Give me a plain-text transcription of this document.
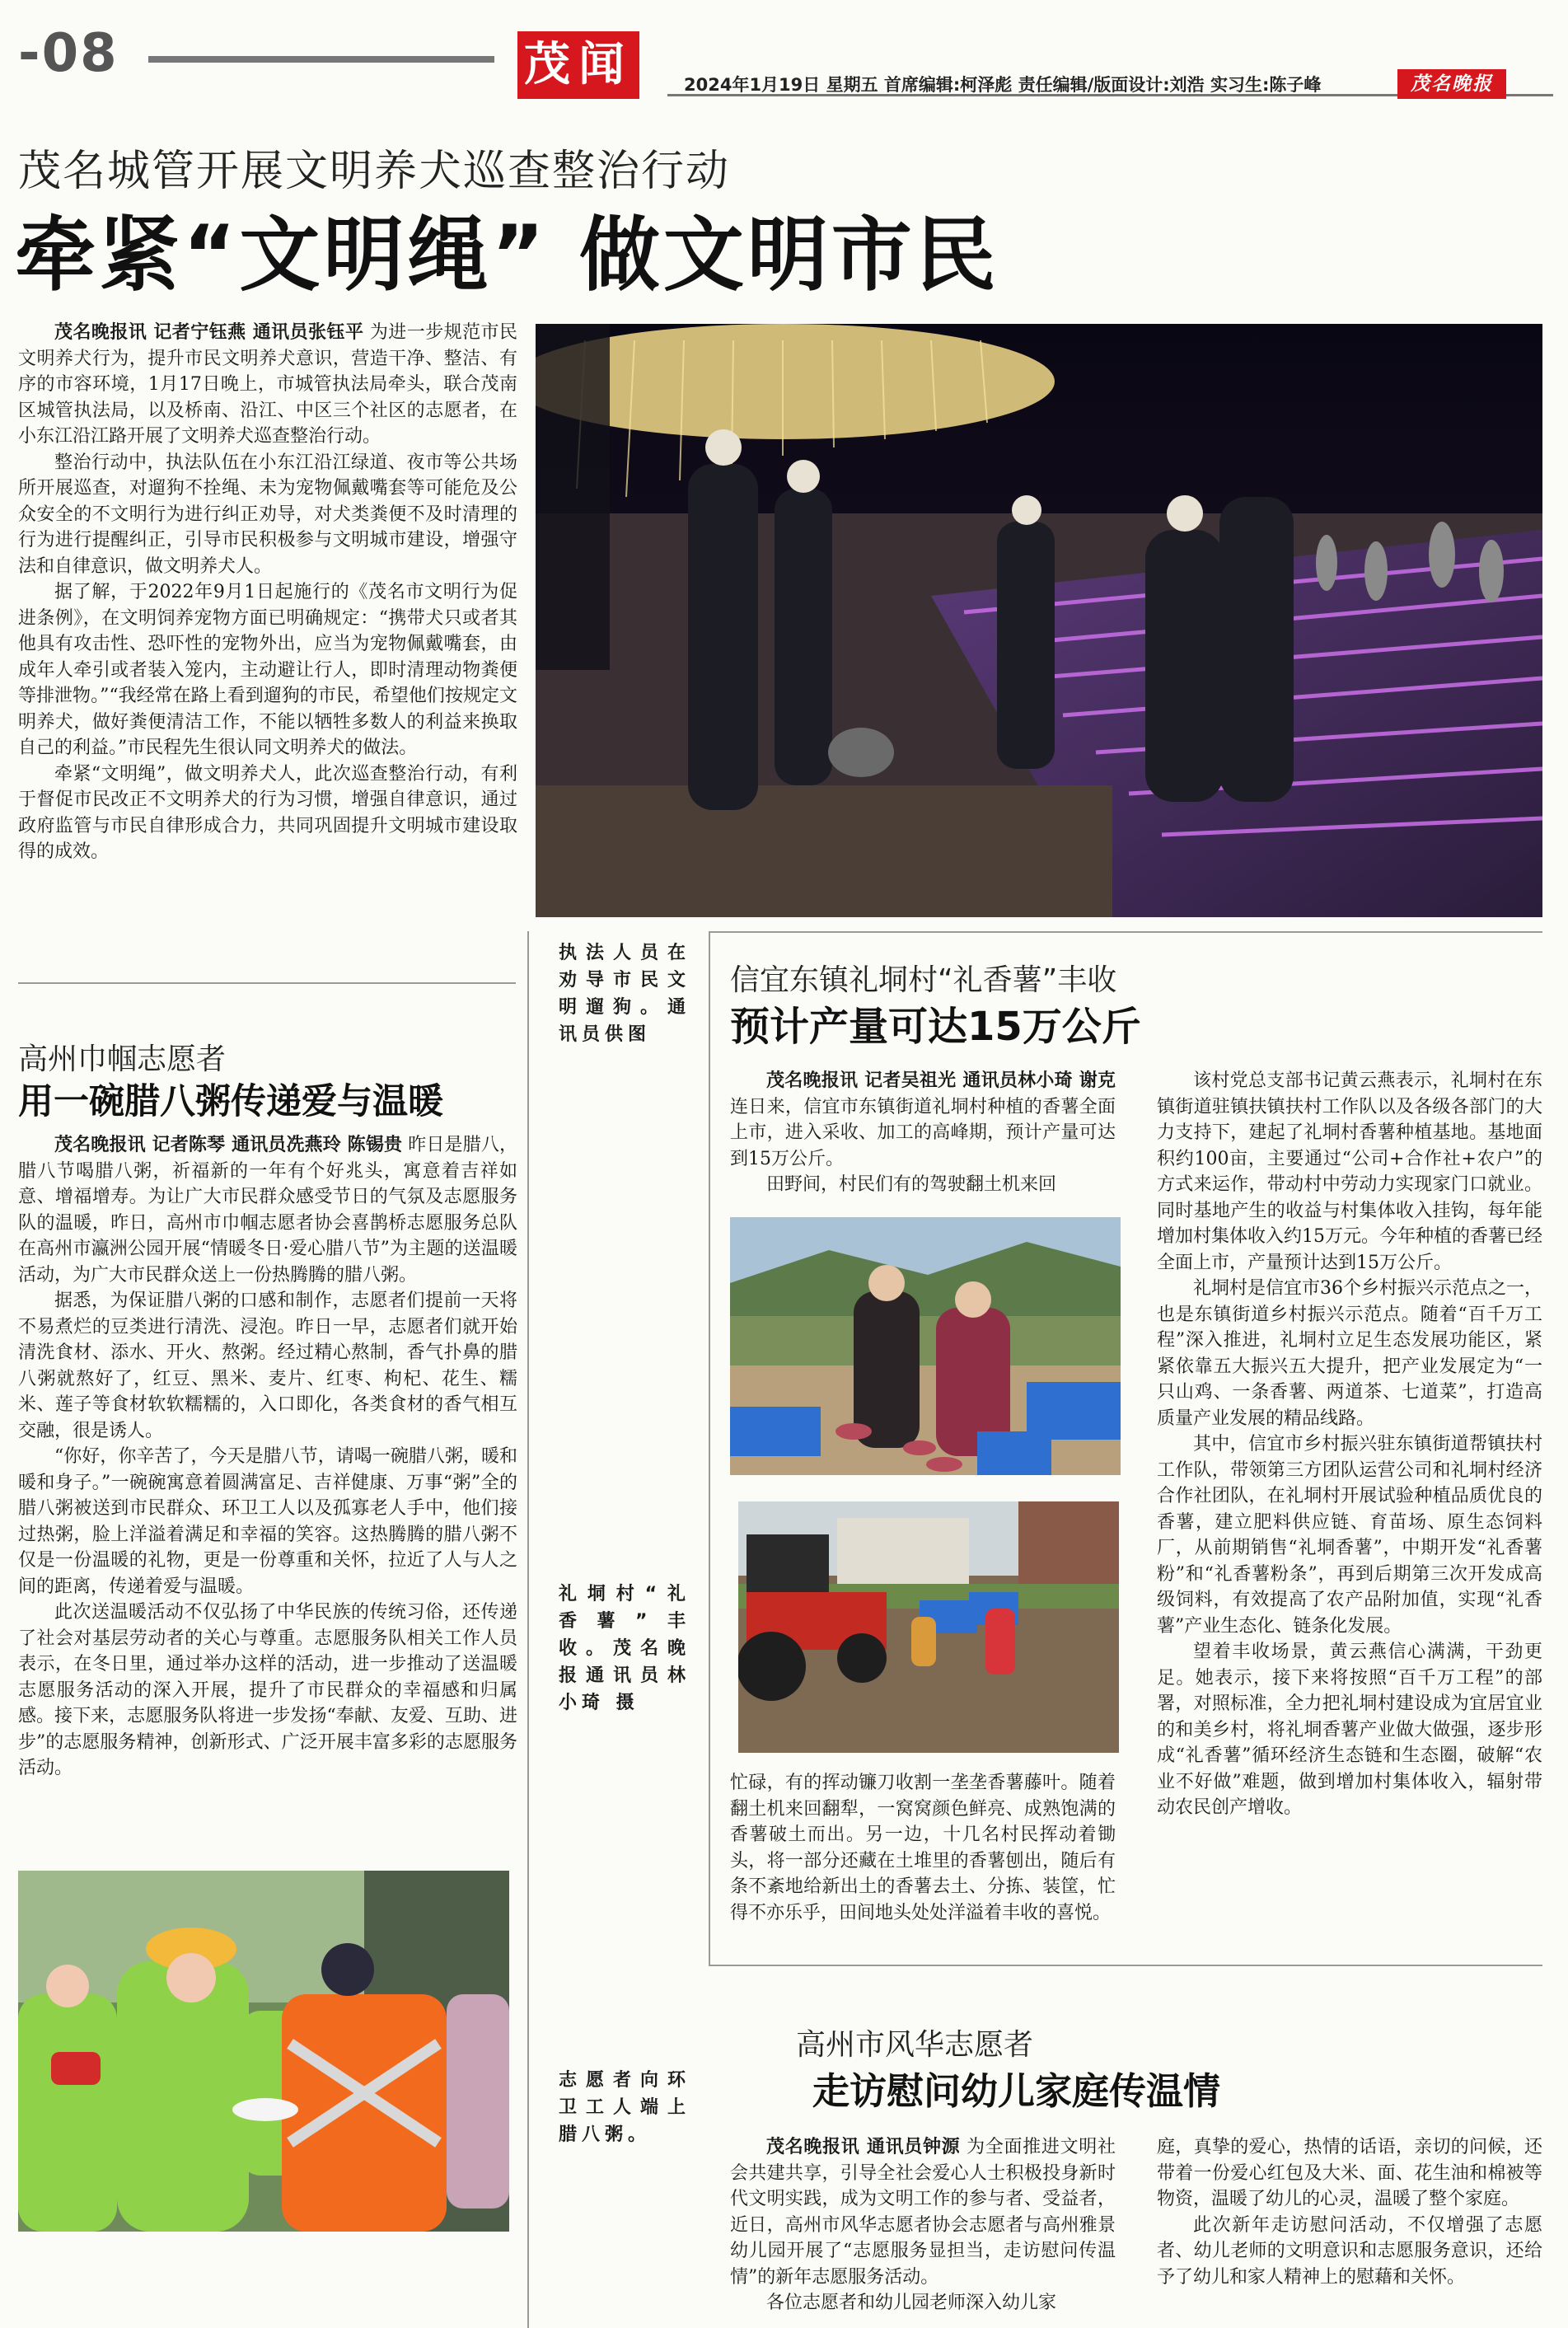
-08	茂闻	2024年1月19日 星期五 首席编辑:柯泽彪 责任编辑/版面设计:刘浩 实习生:陈子峰	茂名晚报
茂名城管开展文明养犬巡查整治行动
牵紧“文明绳” 做文明市民

茂名晚报讯 记者宁钰燕 通讯员张钰平 为进一步规范市民文明养犬行为，提升市民文明养犬意识，营造干净、整洁、有序的市容环境，1月17日晚上，市城管执法局牵头，联合茂南区城管执法局，以及桥南、沿江、中区三个社区的志愿者，在小东江沿江路开展了文明养犬巡查整治行动。

整治行动中，执法队伍在小东江沿江绿道、夜市等公共场所开展巡查，对遛狗不拴绳、未为宠物佩戴嘴套等可能危及公众安全的不文明行为进行纠正劝导，对犬类粪便不及时清理的行为进行提醒纠正，引导市民积极参与文明城市建设，增强守法和自律意识，做文明养犬人。

据了解，于2022年9月1日起施行的《茂名市文明行为促进条例》，在文明饲养宠物方面已明确规定：“携带犬只或者其他具有攻击性、恐吓性的宠物外出，应当为宠物佩戴嘴套，由成年人牵引或者装入笼内，主动避让行人，即时清理动物粪便等排泄物。”“我经常在路上看到遛狗的市民，希望他们按规定文明养犬，做好粪便清洁工作，不能以牺牲多数人的利益来换取自己的利益。”市民程先生很认同文明养犬的做法。

牵紧“文明绳”，做文明养犬人，此次巡查整治行动，有利于督促市民改正不文明养犬的行为习惯，增强自律意识，通过政府监管与市民自律形成合力，共同巩固提升文明城市建设取得的成效。

执法人员在劝导市民文明遛狗。通讯员供图
高州巾帼志愿者
用一碗腊八粥传递爱与温暖

茂名晚报讯 记者陈琴 通讯员冼燕玲 陈锡贵 昨日是腊八，腊八节喝腊八粥，祈福新的一年有个好兆头，寓意着吉祥如意、增福增寿。为让广大市民群众感受节日的气氛及志愿服务队的温暖，昨日，高州市巾帼志愿者协会喜鹊桥志愿服务总队在高州市瀛洲公园开展“情暖冬日·爱心腊八节”为主题的送温暖活动，为广大市民群众送上一份热腾腾的腊八粥。

据悉，为保证腊八粥的口感和制作，志愿者们提前一天将不易煮烂的豆类进行清洗、浸泡。昨日一早，志愿者们就开始清洗食材、添水、开火、熬粥。经过精心熬制，香气扑鼻的腊八粥就熬好了，红豆、黑米、麦片、红枣、枸杞、花生、糯米、莲子等食材软软糯糯的，入口即化，各类食材的香气相互交融，很是诱人。

“你好，你辛苦了，今天是腊八节，请喝一碗腊八粥，暖和暖和身子。”一碗碗寓意着圆满富足、吉祥健康、万事“粥”全的腊八粥被送到市民群众、环卫工人以及孤寡老人手中，他们接过热粥，脸上洋溢着满足和幸福的笑容。这热腾腾的腊八粥不仅是一份温暖的礼物，更是一份尊重和关怀，拉近了人与人之间的距离，传递着爱与温暖。

此次送温暖活动不仅弘扬了中华民族的传统习俗，还传递了社会对基层劳动者的关心与尊重。志愿服务队相关工作人员表示，在冬日里，通过举办这样的活动，进一步推动了送温暖志愿服务活动的深入开展，提升了市民群众的幸福感和归属感。接下来，志愿服务队将进一步发扬“奉献、友爱、互助、进步”的志愿服务精神，创新形式、广泛开展丰富多彩的志愿服务活动。

志愿者向环卫工人端上腊八粥。
信宜东镇礼垌村“礼香薯”丰收
预计产量可达15万公斤

茂名晚报讯 记者吴祖光 通讯员林小琦 谢克 连日来，信宜市东镇街道礼垌村种植的香薯全面上市，进入采收、加工的高峰期，预计产量可达到15万公斤。

田野间，村民们有的驾驶翻土机来回

礼垌村“礼香薯”丰收。茂名晚报通讯员林小琦 摄
忙碌，有的挥动镰刀收割一垄垄香薯藤叶。随着翻土机来回翻犁，一窝窝颜色鲜亮、成熟饱满的香薯破土而出。另一边，十几名村民挥动着锄头，将一部分还藏在土堆里的香薯刨出，随后有条不紊地给新出土的香薯去土、分拣、装筐，忙得不亦乐乎，田间地头处处洋溢着丰收的喜悦。

该村党总支部书记黄云燕表示，礼垌村在东镇街道驻镇扶镇扶村工作队以及各级各部门的大力支持下，建起了礼垌村香薯种植基地。基地面积约100亩，主要通过“公司+合作社+农户”的方式来运作，带动村中劳动力实现家门口就业。同时基地产生的收益与村集体收入挂钩，每年能增加村集体收入约15万元。今年种植的香薯已经全面上市，产量预计达到15万公斤。

礼垌村是信宜市36个乡村振兴示范点之一，也是东镇街道乡村振兴示范点。随着“百千万工程”深入推进，礼垌村立足生态发展功能区，紧紧依靠五大振兴五大提升，把产业发展定为“一只山鸡、一条香薯、两道茶、七道菜”，打造高质量产业发展的精品线路。

其中，信宜市乡村振兴驻东镇街道帮镇扶村工作队，带领第三方团队运营公司和礼垌村经济合作社团队，在礼垌村开展试验种植品质优良的香薯，建立肥料供应链、育苗场、原生态饲料厂，从前期销售“礼垌香薯”，中期开发“礼香薯粉”和“礼香薯粉条”，再到后期第三次开发成高级饲料，有效提高了农产品附加值，实现“礼香薯”产业生态化、链条化发展。

望着丰收场景，黄云燕信心满满，干劲更足。她表示，接下来将按照“百千万工程”的部署，对照标准，全力把礼垌村建设成为宜居宜业的和美乡村，将礼垌香薯产业做大做强，逐步形成“礼香薯”循环经济生态链和生态圈，破解“农业不好做”难题，做到增加村集体收入，辐射带动农民创产增收。

高州市风华志愿者
走访慰问幼儿家庭传温情

茂名晚报讯 通讯员钟源 为全面推进文明社会共建共享，引导全社会爱心人士积极投身新时代文明实践，成为文明工作的参与者、受益者，近日，高州市风华志愿者协会志愿者与高州雅景幼儿园开展了“志愿服务显担当，走访慰问传温情”的新年志愿服务活动。

各位志愿者和幼儿园老师深入幼儿家

庭，真挚的爱心，热情的话语，亲切的问候，还带着一份爱心红包及大米、面、花生油和棉被等物资，温暖了幼儿的心灵，温暖了整个家庭。

此次新年走访慰问活动，不仅增强了志愿者、幼儿老师的文明意识和志愿服务意识，还给予了幼儿和家人精神上的慰藉和关怀。
